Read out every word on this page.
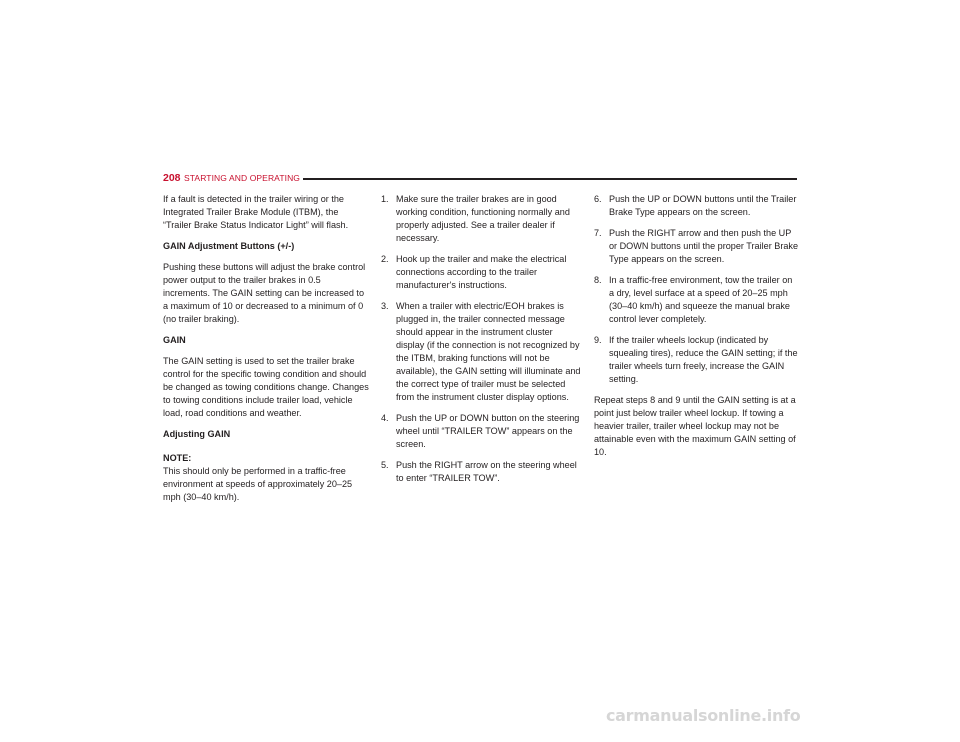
208 STARTING AND OPERATING

If a fault is detected in the trailer wiring or the Integrated Trailer Brake Module (ITBM), the “Trailer Brake Status Indicator Light” will flash.

GAIN Adjustment Buttons (+/-)

Pushing these buttons will adjust the brake control power output to the trailer brakes in 0.5 increments. The GAIN setting can be increased to a maximum of 10 or decreased to a minimum of 0 (no trailer braking).

GAIN

The GAIN setting is used to set the trailer brake control for the specific towing condition and should be changed as towing conditions change. Changes to towing conditions include trailer load, vehicle load, road conditions and weather.

Adjusting GAIN

NOTE:
This should only be performed in a traffic-free environment at speeds of approximately 20–25 mph (30–40 km/h).
1. Make sure the trailer brakes are in good working condition, functioning normally and properly adjusted. See a trailer dealer if necessary.
2. Hook up the trailer and make the electrical connections according to the trailer manufacturer's instructions.
3. When a trailer with electric/EOH brakes is plugged in, the trailer connected message should appear in the instrument cluster display (if the connection is not recognized by the ITBM, braking functions will not be available), the GAIN setting will illuminate and the correct type of trailer must be selected from the instrument cluster display options.
4. Push the UP or DOWN button on the steering wheel until “TRAILER TOW” appears on the screen.
5. Push the RIGHT arrow on the steering wheel to enter “TRAILER TOW”.
6. Push the UP or DOWN buttons until the Trailer Brake Type appears on the screen.
7. Push the RIGHT arrow and then push the UP or DOWN buttons until the proper Trailer Brake Type appears on the screen.
8. In a traffic-free environment, tow the trailer on a dry, level surface at a speed of 20–25 mph (30–40 km/h) and squeeze the manual brake control lever completely.
9. If the trailer wheels lockup (indicated by squealing tires), reduce the GAIN setting; if the trailer wheels turn freely, increase the GAIN setting.

Repeat steps 8 and 9 until the GAIN setting is at a point just below trailer wheel lockup. If towing a heavier trailer, trailer wheel lockup may not be attainable even with the maximum GAIN setting of 10.

carmanualsonline.info
